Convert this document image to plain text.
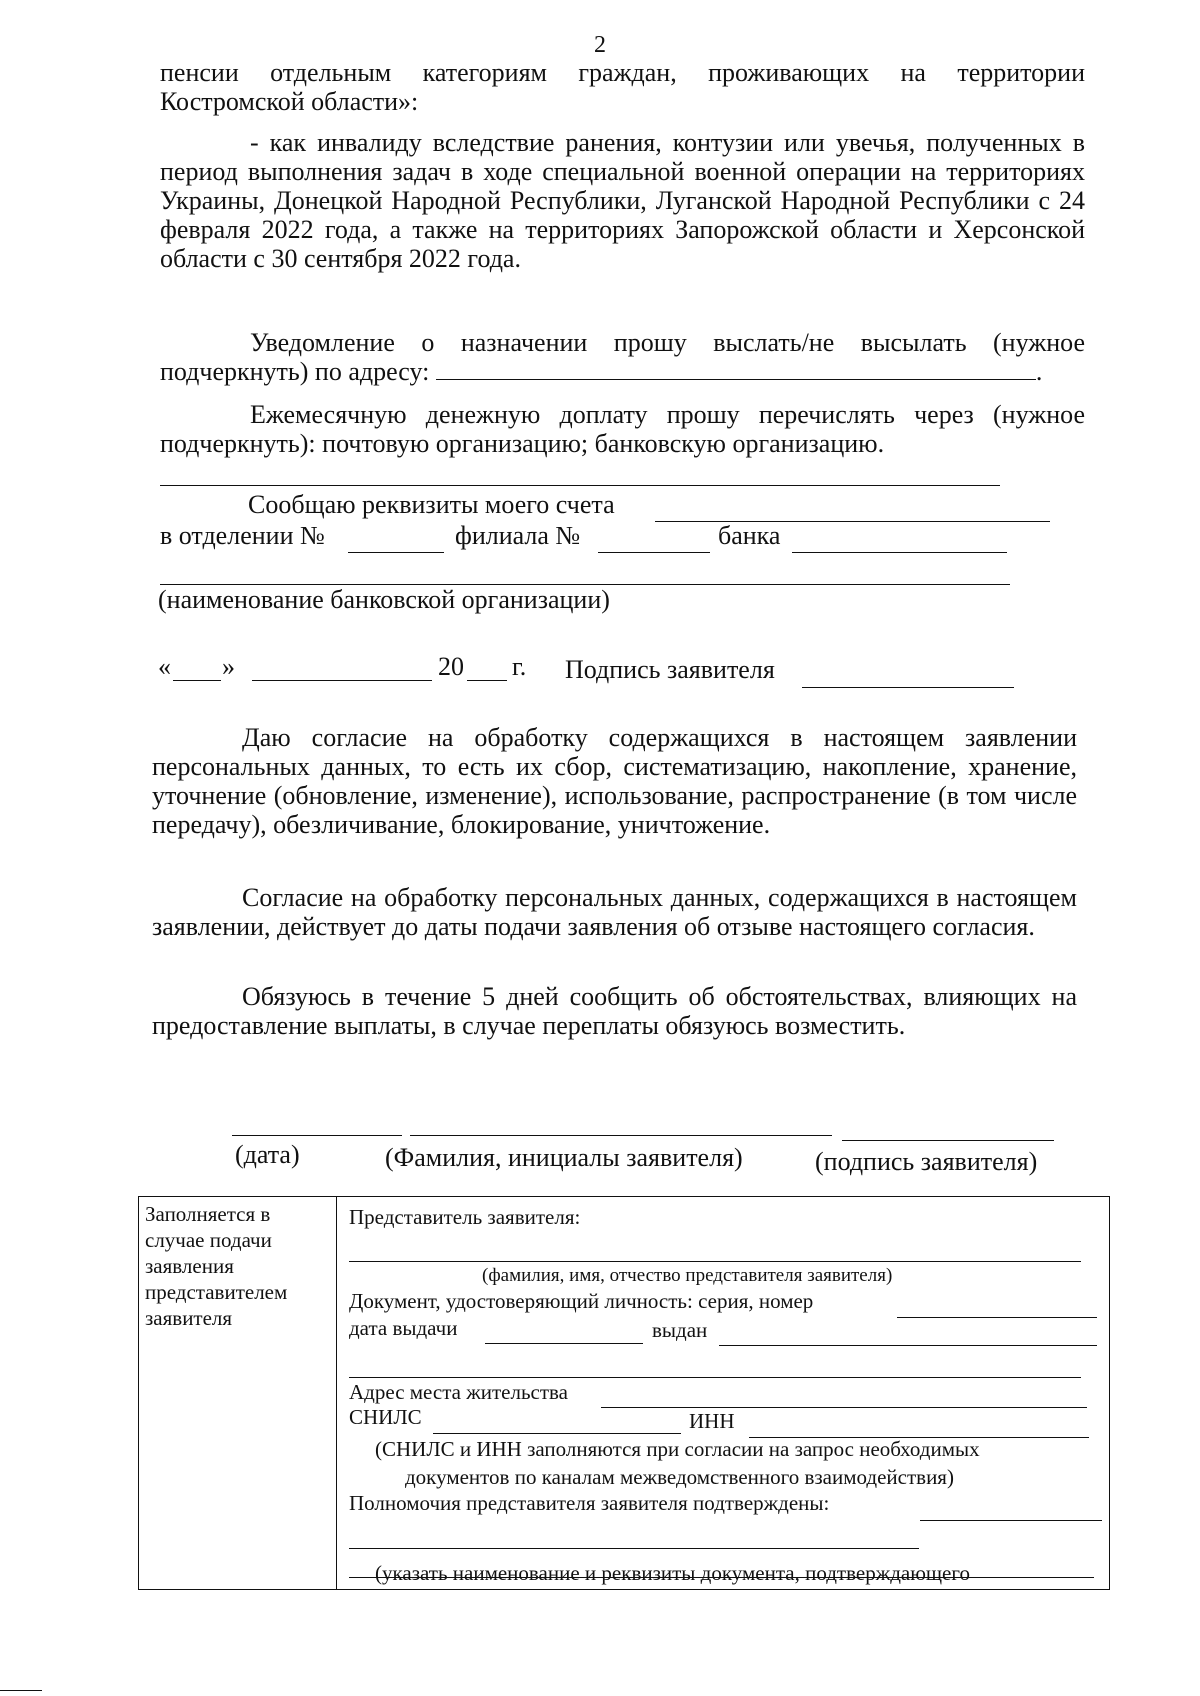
2
пенсии отдельным категориям граждан, проживающих на территории Костромской области»:
- как инвалиду вследствие ранения, контузии или увечья, полученных в период выполнения задач в ходе специальной военной операции на территориях Украины, Донецкой Народной Республики, Луганской Народной Республики с 24 февраля 2022 года, а также на территориях Запорожской области и Херсонской области с 30 сентября 2022 года.
Уведомление о назначении прошу выслать/не высылать (нужное подчеркнуть) по адресу:	.
Ежемесячную денежную доплату прошу перечислять через (нужное подчеркнуть): почтовую организацию; банковскую организацию.
Сообщаю реквизиты моего счета
в отделении №	филиала №	банка
(наименование банковской организации)
« »	20 г. Подпись заявителя
Даю согласие на обработку содержащихся в настоящем заявлении персональных данных, то есть их сбор, систематизацию, накопление, хранение, уточнение (обновление, изменение), использование, распространение (в том числе передачу), обезличивание, блокирование, уничтожение.
Согласие на обработку персональных данных, содержащихся в настоящем заявлении, действует до даты подачи заявления об отзыве настоящего согласия.
Обязуюсь в течение 5 дней сообщить об обстоятельствах, влияющих на предоставление выплаты, в случае переплаты обязуюсь возместить.
(дата)	(Фамилия, инициалы заявителя)	(подпись заявителя)
Заполняется в случае подачи заявления представителем заявителя	
Представитель заявителя:
(фамилия, имя, отчество представителя заявителя)
Документ, удостоверяющий личность: серия, номер
дата выдачи	выдан
Адрес места жительства
СНИЛС	ИНН
(СНИЛС и ИНН заполняются при согласии на запрос необходимых
документов по каналам межведомственного взаимодействия)
Полномочия представителя заявителя подтверждены:
(указать наименование и реквизиты документа, подтверждающего
